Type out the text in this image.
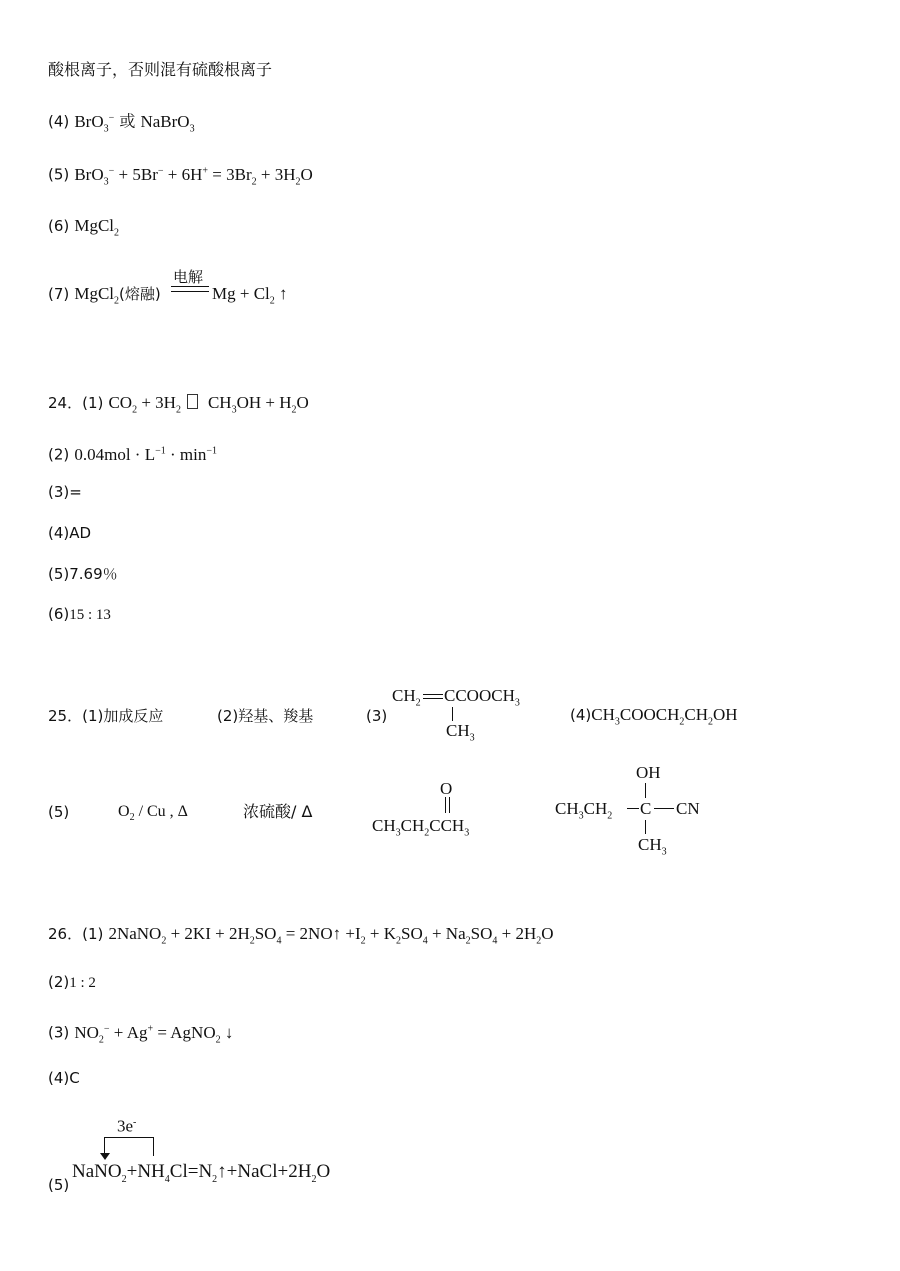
酸根离子，否则混有硫酸根离子
(4) BrO$_3$− 或 NaBrO$_3$
(5) $BrO_3^- + 5Br^- + 6H^+ = 3Br_2 + 3H_2O$
(6) MgCl$_2$
(7) MgCl$_2$(熔融)
电解
$Mg + Cl_2$ ↑
24．(1) $CO_2 + 3H_2$ $CH_3OH + H_2O$
(2) $0.04mol \cdot L^{-1} \cdot \min^{-1}$
(3)=
(4)AD
(5)7.69％
(6)15 : 13
25．(1)加成反应	(2)羟基、羧基	(3)
$CH_2$ $CCOOCH_3$
$CH_3$
$(4)CH_3COOCH_2CH_2OH$
(5)	$O_2$ / Cu , Δ	浓硫酸/ Δ
O
$CH_3CH_2CCH_3$
OH
$CH_3CH_2$ C CN
$CH_3$
26．(1) 2NaNO$_2$ + $2KI + 2H_2SO_4$ = 2NO↑ $+I_2 + K_2SO_4 + Na_2SO_4 + 2H_2O$
(2)1 : 2
(3) $NO_2^- + Ag^+$ = AgNO$_2$ ↓
(4)C
3e-
(5)
$NaNO_2+NH_4Cl=N_2↑+NaCl+2H_2O$
